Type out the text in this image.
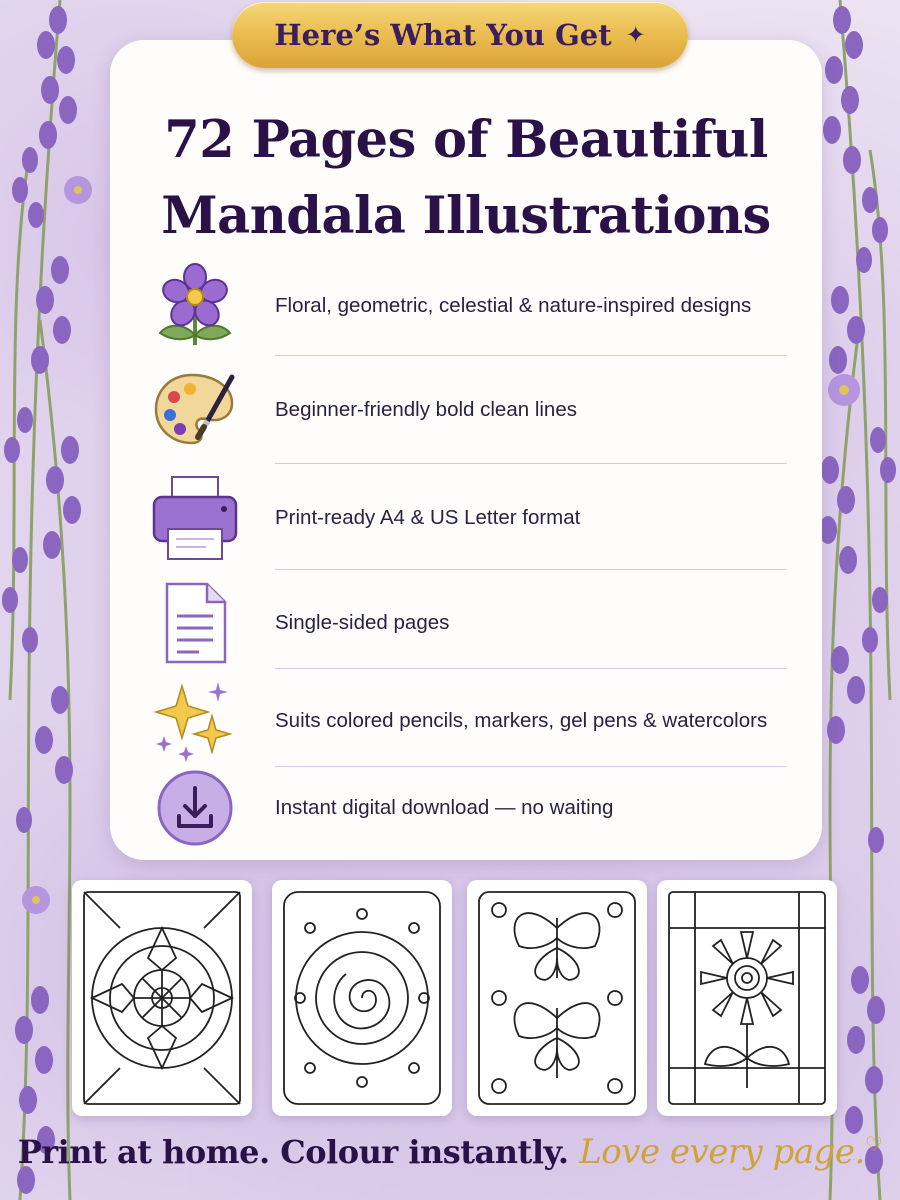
Here’s What You Get ✦
72 Pages of Beautiful
Mandala Illustrations
Floral, geometric, celestial & nature-inspired designs
Beginner-friendly bold clean lines
Print-ready A4 & US Letter format
Single-sided pages
Suits colored pencils, markers, gel pens & watercolors
Instant digital download — no waiting
Print at home. Colour instantly. Love every page.♡
